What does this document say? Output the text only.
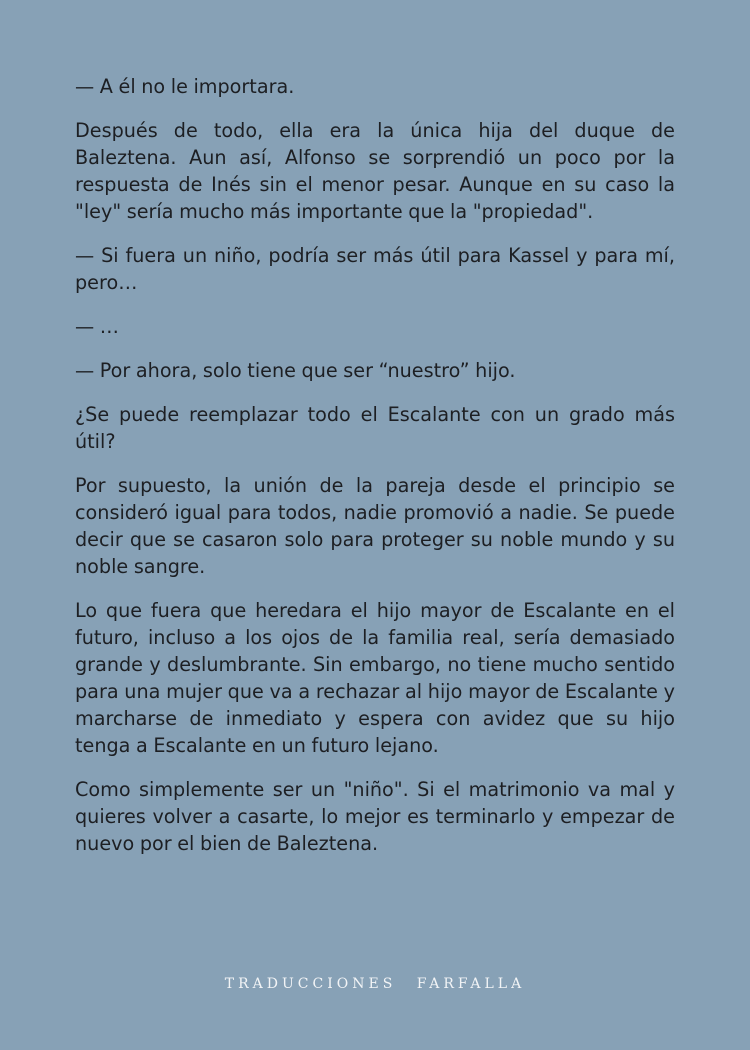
— A él no le importara.

Después de todo, ella era la única hija del duque de Baleztena. Aun así, Alfonso se sorprendió un poco por la respuesta de Inés sin el menor pesar. Aunque en su caso la "ley" sería mucho más importante que la "propiedad".

— Si fuera un niño, podría ser más útil para Kassel y para mí, pero…

— …

— Por ahora, solo tiene que ser “nuestro” hijo.

¿Se puede reemplazar todo el Escalante con un grado más útil?

Por supuesto, la unión de la pareja desde el principio se consideró igual para todos, nadie promovió a nadie. Se puede decir que se casaron solo para proteger su noble mundo y su noble sangre.

Lo que fuera que heredara el hijo mayor de Escalante en el futuro, incluso a los ojos de la familia real, sería demasiado grande y deslumbrante. Sin embargo, no tiene mucho sentido para una mujer que va a rechazar al hijo mayor de Escalante y marcharse de inmediato y espera con avidez que su hijo tenga a Escalante en un futuro lejano.

Como simplemente ser un "niño". Si el matrimonio va mal y quieres volver a casarte, lo mejor es terminarlo y empezar de nuevo por el bien de Baleztena.

TRADUCCIONES FARFALLA
